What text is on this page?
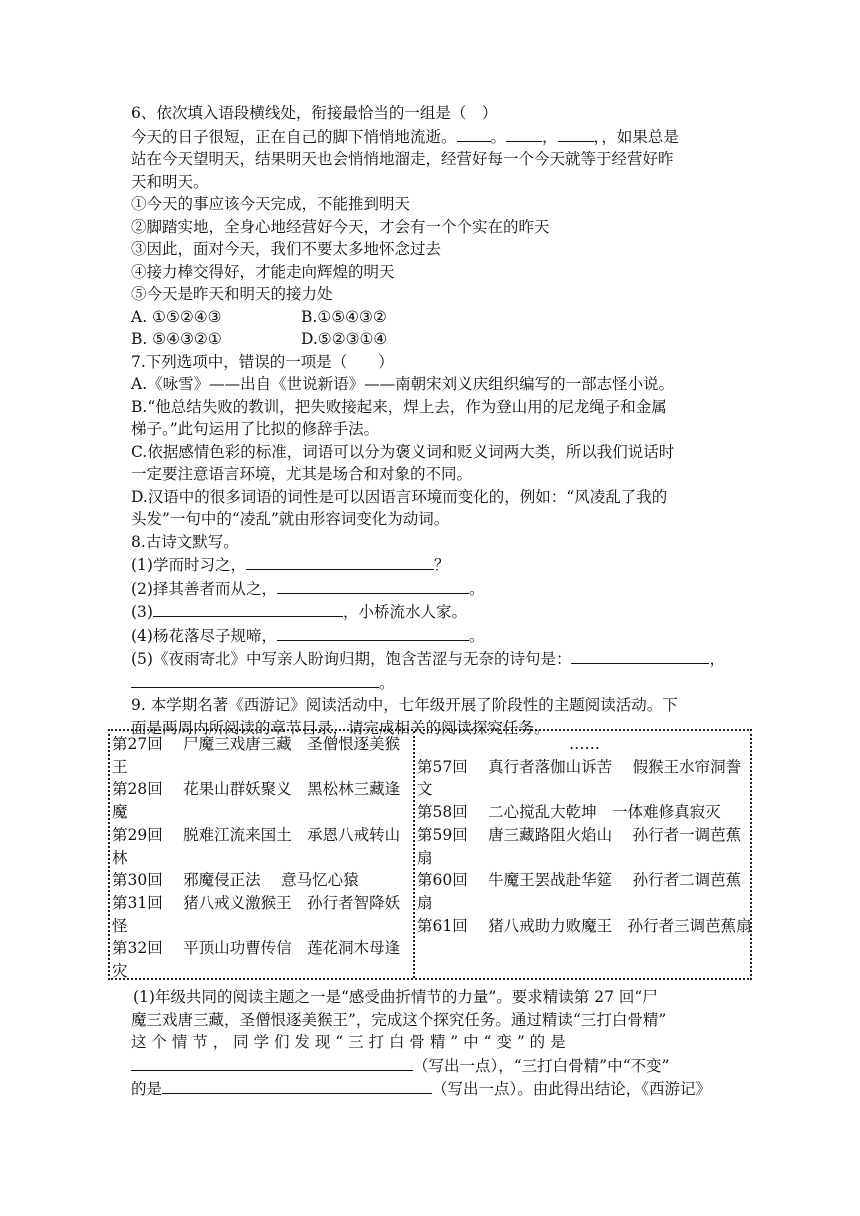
6、依次填入语段横线处，衔接最恰当的一组是（　）
今天的日子很短，正在自己的脚下悄悄地流逝。 。 ， ，，如果总是
站在今天望明天，结果明天也会悄悄地溜走，经营好每一个今天就等于经营好昨
天和明天。
①今天的事应该今天完成，不能推到明天
②脚踏实地，全身心地经营好今天，才会有一个个实在的昨天
③因此，面对今天，我们不要太多地怀念过去
④接力棒交得好，才能走向辉煌的明天
⑤今天是昨天和明天的接力处
A. ①⑤②④③	B.①⑤④③②
B. ⑤④③②①	D.⑤②③①④
7.下列选项中，错误的一项是（　　）
A.《咏雪》——出自《世说新语》——南朝宋刘义庆组织编写的一部志怪小说。
B.“他总结失败的教训，把失败接起来，焊上去，作为登山用的尼龙绳子和金属
梯子。”此句运用了比拟的修辞手法。
C.依据感情色彩的标准，词语可以分为褒义词和贬义词两大类，所以我们说话时
一定要注意语言环境，尤其是场合和对象的不同。
D.汉语中的很多词语的词性是可以因语言环境而变化的，例如：“风凌乱了我的
头发”一句中的“凌乱”就由形容词变化为动词。
8.古诗文默写。
(1)学而时习之，	？
(2)择其善者而从之，	。
(3)	，小桥流水人家。
(4)杨花落尽子规啼，	。
(5)《夜雨寄北》中写亲人盼询归期，饱含苦涩与无奈的诗句是：	，
。
9. 本学期名著《西游记》阅读活动中，七年级开展了阶段性的主题阅读活动。下
面是两周内所阅读的章节目录，请完成相关的阅读探究任务。
第27回　 尸魔三戏唐三藏　圣僧恨逐美猴王
第28回　 花果山群妖聚义　黑松林三藏逢魔
第29回　 脱难江流来国土　承恩八戒转山林
第30回　 邪魔侵正法　 意马忆心猿
第31回　 猪八戒义激猴王　孙行者智降妖怪
第32回　 平顶山功曹传信　莲花洞木母逢灾
……
第57回　 真行者落伽山诉苦　 假猴王水帘洞誊文
第58回　 二心搅乱大乾坤　一体难修真寂灭
第59回　 唐三藏路阻火焰山　 孙行者一调芭蕉扇
第60回　 牛魔王罢战赴华筵　 孙行者二调芭蕉扇
第61回　 猪八戒助力败魔王　孙行者三调芭蕉扇
(1)年级共同的阅读主题之一是“感受曲折情节的力量”。要求精读第 27 回“尸
魔三戏唐三藏，圣僧恨逐美猴王”，完成这个探究任务。通过精读“三打白骨精”
这 个 情 节 ， 同 学 们 发 现 “ 三 打 白 骨 精 ” 中 “ 变 ” 的 是
（写出一点），“三打白骨精”中“不变”
的是	（写出一点）。由此得出结论，《西游记》
